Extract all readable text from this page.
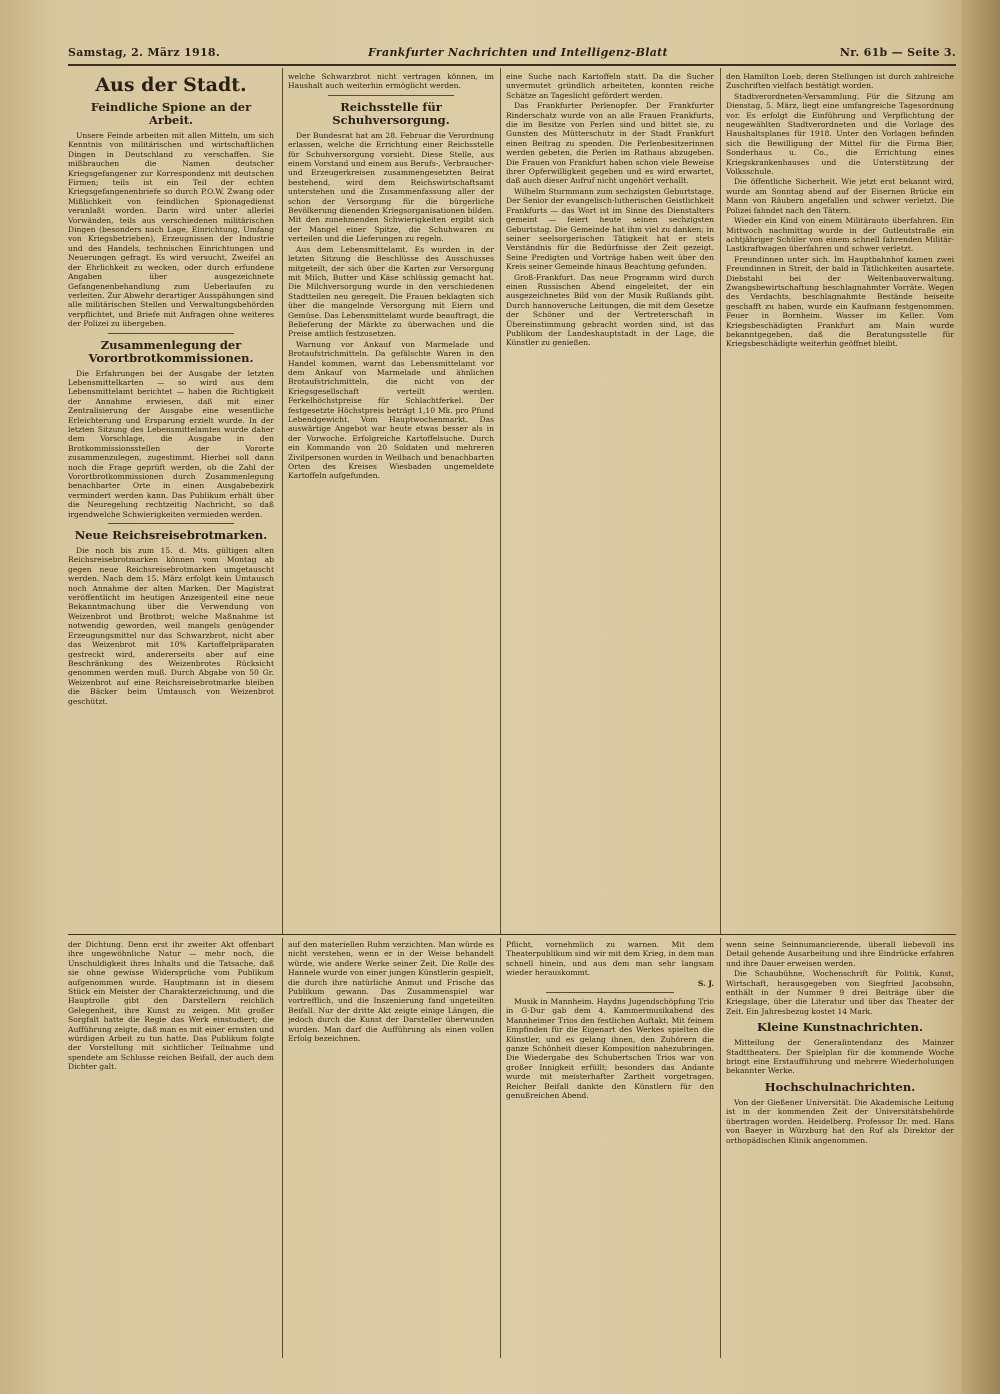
Samstag, 2. März 1918.	Frankfurter Nachrichten und Intelligenz-Blatt	Nr. 61b — Seite 3.
Aus der Stadt.
Feindliche Spione an der Arbeit.

Unsere Feinde arbeiten mit allen Mitteln, um sich Kenntnis von militärischen und wirtschaftlichen Dingen in Deutschland zu verschaffen. Sie mißbrauchen die Namen deutscher Kriegsgefangener zur Korrespondenz mit deutschen Firmen; teils ist ein Teil der echten Kriegsgefangenenbriefe so durch P.O.W. Zwang oder Mißlichkeit von feindlichen Spionagedienst veranlaßt worden. Darin wird unter allerlei Vorwänden, teils aus verschiedenen militärischen Dingen (besonders nach Lage, Einrichtung, Umfang von Kriegsbetrieben), Erzeugnissen der Industrie und des Handels, technischen Einrichtungen und Neuerungen gefragt. Es wird versucht, Zweifel an der Ehrlichkeit zu wecken, oder durch erfundene Angaben über ausgezeichnete Gefangenenbehandlung zum Ueberlaufen zu verleiten. Zur Abwehr derartiger Ausspähungen sind alle militärischen Stellen und Verwaltungsbehörden verpflichtet, und Briefe mit Anfragen ohne weiteres der Polizei zu übergeben.

Zusammenlegung der Vorortbrotkommissionen.

Die Erfahrungen bei der Ausgabe der letzten Lebensmittelkarten — so wird aus dem Lebensmittelamt berichtet — haben die Richtigkeit der Annahme erwiesen, daß mit einer Zentralisierung der Ausgabe eine wesentliche Erleichterung und Ersparung erzielt wurde. In der letzten Sitzung des Lebensmittelamtes wurde daher dem Vorschlage, die Ausgabe in den Brotkommissionsstellen der Vororte zusammenzulegen, zugestimmt. Hierbei soll dann noch die Frage geprüft werden, ob die Zahl der Vorortbrotkommissionen durch Zusammenlegung benachbarter Orte in einen Ausgabebezirk vermindert werden kann. Das Publikum erhält über die Neuregelung rechtzeitig Nachricht, so daß irgendwelche Schwierigkeiten vermieden werden.

Neue Reichsreisebrotmarken.

Die noch bis zum 15. d. Mts. gültigen alten Reichsreisebrotmarken können vom Montag ab gegen neue Reichsreisebrotmarken umgetauscht werden. Nach dem 15. März erfolgt kein Umtausch noch Annahme der alten Marken. Der Magistrat veröffentlicht im heutigen Anzeigenteil eine neue Bekanntmachung über die Verwendung von Weizenbrot und Brotbrot; welche Maßnahme ist notwendig geworden, weil mangels genügender Erzeugungsmittel nur das Schwarzbrot, nicht aber das Weizenbrot mit 10% Kartoffelpräparaten gestreckt wird, andererseits aber auf eine Beschränkung des Weizenbrotes Rücksicht genommen werden muß. Durch Abgabe von 50 Gr. Weizenbrot auf eine Reichsreisebrotmarke bleiben die Bäcker beim Umtausch von Weizenbrot geschützt.

welche Schwarzbrot nicht vertragen können, im Haushalt auch weiterhin ermöglicht werden.

Reichsstelle für Schuhversorgung.

Der Bundesrat hat am 28. Februar die Verordnung erlassen, welche die Errichtung einer Reichsstelle für Schuhversorgung vorsieht. Diese Stelle, aus einem Vorstand und einem aus Berufs-, Verbraucher- und Erzeugerkreisen zusammengesetzten Beirat bestehend, wird dem Reichswirtschaftsamt unterstehen und die Zusammenfassung aller der schon der Versorgung für die bürgerliche Bevölkerung dienenden Kriegsorganisationen bilden. Mit den zunehmenden Schwierigkeiten ergibt sich der Mangel einer Spitze, die Schuhwaren zu verteilen und die Lieferungen zu regeln.

Aus dem Lebensmittelamt. Es wurden in der letzten Sitzung die Beschlüsse des Ausschusses mitgeteilt, der sich über die Karten zur Versorgung mit Milch, Butter und Käse schlüssig gemacht hat. Die Milchversorgung wurde in den verschiedenen Stadtteilen neu geregelt. Die Frauen beklagten sich über die mangelnde Versorgung mit Eiern und Gemüse. Das Lebensmittelamt wurde beauftragt, die Belieferung der Märkte zu überwachen und die Preise amtlich festzusetzen.

Warnung vor Ankauf von Marmelade und Brotaufstrichmitteln. Da gefälschte Waren in den Handel kommen, warnt das Lebensmittelamt vor dem Ankauf von Marmelade und ähnlichen Brotaufstrichmitteln, die nicht von der Kriegsgesellschaft verteilt werden. Ferkelhöchstpreise für Schlachtferkel. Der festgesetzte Höchstpreis beträgt 1,10 Mk. pro Pfund Lebendgewicht. Vom Hauptwochenmarkt. Das auswärtige Angebot war heute etwas besser als in der Vorwoche. Erfolgreiche Kartoffelsuche. Durch ein Kommando von 20 Soldaten und mehreren Zivilpersonen wurden in Weilbach und benachbarten Orten des Kreises Wiesbaden ungemeldete Kartoffeln aufgefunden.

eine Suche nach Kartoffeln statt. Da die Sucher unvermutet gründlich arbeiteten, konnten reiche Schätze an Tageslicht gefördert werden.

Das Frankfurter Perlenopfer. Der Frankfurter Rinderschatz wurde von an alle Frauen Frankfurts, die im Besitze von Perlen sind und bittet sie, zu Gunsten des Mütterschutz in der Stadt Frankfurt einen Beitrag zu spenden. Die Perlenbesitzerinnen werden gebeten, die Perlen im Rathaus abzugeben. Die Frauen von Frankfurt haben schon viele Beweise ihrer Opferwilligkeit gegeben und es wird erwartet, daß auch dieser Aufruf nicht ungehört verhallt.

Wilhelm Sturmmann zum sechzigsten Geburtstage. Der Senior der evangelisch-lutherischen Geistlichkeit Frankfurts — das Wort ist im Sinne des Dienstalters gemeint — feiert heute seinen sechzigsten Geburtstag. Die Gemeinde hat ihm viel zu danken; in seiner seelsorgerischen Tätigkeit hat er stets Verständnis für die Bedürfnisse der Zeit gezeigt. Seine Predigten und Vorträge haben weit über den Kreis seiner Gemeinde hinaus Beachtung gefunden.

Groß-Frankfurt. Das neue Programm wird durch einen Russischen Abend eingeleitet, der ein ausgezeichnetes Bild von der Musik Rußlands gibt. Durch hannoversche Leitungen, die mit dem Gesetze der Schöner und der Vertreterschaft in Übereinstimmung gebracht worden sind, ist das Publikum der Landeshauptstadt in der Lage, die Künstler zu genießen.

den Hamilton Loeb, deren Stellungen ist durch zahlreiche Zuschriften vielfach bestätigt worden.

Stadtverordneten-Versammlung. Für die Sitzung am Dienstag, 5. März, liegt eine umfangreiche Tagesordnung vor. Es erfolgt die Einführung und Verpflichtung der neugewählten Stadtverordneten und die Vorlage des Haushaltsplanes für 1918. Unter den Vorlagen befinden sich die Bewilligung der Mittel für die Firma Bier, Sonderhaus u. Co., die Errichtung eines Kriegskrankenhauses und die Unterstützung der Volksschule.

Die öffentliche Sicherheit. Wie jetzt erst bekannt wird, wurde am Sonntag abend auf der Eisernen Brücke ein Mann von Räubern angefallen und schwer verletzt. Die Polizei fahndet nach den Tätern.

Wieder ein Kind von einem Militärauto überfahren. Ein Mittwoch nachmittag wurde in der Gutleutstraße ein achtjähriger Schüler von einem schnell fahrenden Militär-Lastkraftwagen überfahren und schwer verletzt.

Freundinnen unter sich. Im Hauptbahnhof kamen zwei Freundinnen in Streit, der bald in Tätlichkeiten ausartete. Diebstahl bei der Weltenbauverwaltung. Zwangsbewirtschaftung beschlagnahmter Vorräte. Wegen des Verdachts, beschlagnahmte Bestände beiseite geschafft zu haben, wurde ein Kaufmann festgenommen. Feuer in Bornheim. Wasser im Keller. Vom Kriegsbeschädigten Frankfurt am Main wurde bekanntgegeben, daß die Beratungsstelle für Kriegsbeschädigte weiterhin geöffnet bleibt.

der Dichtung. Denn erst ihr zweiter Akt offenbart ihre ungewöhnliche Natur — mehr noch, die Unschuldigkeit ihres Inhalts und die Tatsache, daß sie ohne gewisse Widersprüche vom Publikum aufgenommen wurde. Hauptmann ist in diesem Stück ein Meister der Charakterzeichnung, und die Hauptrolle gibt den Darstellern reichlich Gelegenheit, ihre Kunst zu zeigen. Mit großer Sorgfalt hatte die Regie das Werk einstudiert; die Aufführung zeigte, daß man es mit einer ernsten und würdigen Arbeit zu tun hatte. Das Publikum folgte der Vorstellung mit sichtlicher Teilnahme und spendete am Schlusse reichen Beifall, der auch dem Dichter galt.

auf den materiellen Ruhm verzichten. Man würde es nicht verstehen, wenn er in der Weise behandelt würde, wie andere Werke seiner Zeit. Die Rolle des Hannele wurde von einer jungen Künstlerin gespielt, die durch ihre natürliche Anmut und Frische das Publikum gewann. Das Zusammenspiel war vortrefflich, und die Inszenierung fand ungeteilten Beifall. Nur der dritte Akt zeigte einige Längen, die jedoch durch die Kunst der Darsteller überwunden wurden. Man darf die Aufführung als einen vollen Erfolg bezeichnen.

Pflicht, vornehmlich zu warnen. Mit dem Theaterpublikum sind wir mit dem Krieg, in dem man schnell hinein, und aus dem man sehr langsam wieder herauskommt.

S. J.

Musik in Mannheim. Haydns Jugendschöpfung Trio in G-Dur gab dem 4. Kammermusikabend des Mannheimer Trios den festlichen Auftakt. Mit feinem Empfinden für die Eigenart des Werkes spielten die Künstler, und es gelang ihnen, den Zuhörern die ganze Schönheit dieser Komposition nahezubringen. Die Wiedergabe des Schubertschen Trios war von großer Innigkeit erfüllt; besonders das Andante wurde mit meisterhafter Zartheit vorgetragen. Reicher Beifall dankte den Künstlern für den genußreichen Abend.

wenn seine Seinnumancierende, überall liebevoll ins Detail gehende Ausarbeitung und ihre Eindrücke erfahren und ihre Dauer erweisen werden.

Die Schaubühne, Wochenschrift für Politik, Kunst, Wirtschaft, herausgegeben von Siegfried Jacobsohn, enthält in der Nummer 9 drei Beiträge über die Kriegslage, über die Literatur und über das Theater der Zeit. Ein Jahresbezug kostet 14 Mark.

Kleine Kunstnachrichten.

Mitteilung der Generalintendanz des Mainzer Stadttheaters. Der Spielplan für die kommende Woche bringt eine Erstaufführung und mehrere Wiederholungen bekannter Werke.

Hochschulnachrichten.

Von der Gießener Universität. Die Akademische Leitung ist in der kommenden Zeit der Universitätsbehörde übertragen worden. Heidelberg. Professor Dr. med. Hans von Baeyer in Würzburg hat den Ruf als Direktor der orthopädischen Klinik angenommen.
